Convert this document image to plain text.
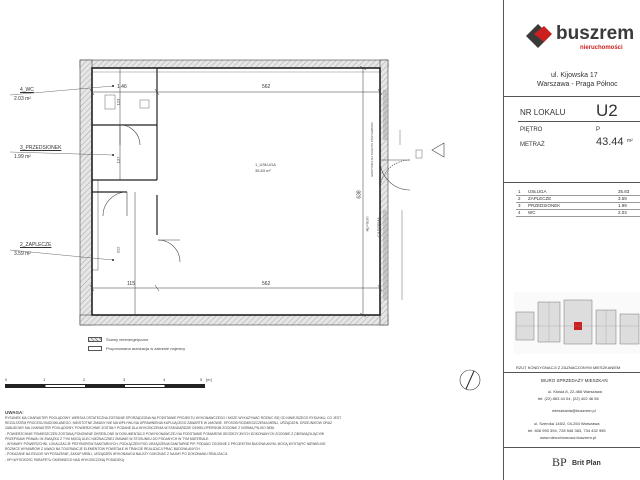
0	1	2	3	4	5 [m]
4_WC
2.03 m²
3_PRZEDSIONEK
1.99 m²
2_ZAPLECZE
3.59 m²
1_USŁUGA
35.83 m²
1.46	562
115	562
638
123
137
312
Hp=0cm CASERMA
SKRZYNKA NA KLIENTA POSTAWIONA
Ściany nieenergetyczne
Proponowana aranżacja w zakresie najemcy
UWAGA:
RYSUNEK MA CHARAKTER POGLĄDOWY. WERSJA OSTATECZNA ZOSTANIE SPORZĄDZONA NA PODSTAWIE PROJEKTU WYKONAWCZEGO I MOŻE WYKAZYWAĆ RÓŻNIC SIĘ OD NINIEJSZEGO RYSUNKU, CO JEST
REZULTATEM PROCESU BUDOWLANEGO. NIEISTOTNE ZMIANY NIE MA WPŁYWU NA UPRAWNIENIA KUPUJĄCEGO ZAWARTE W UMOWIE. SPOSOB ROZMIESZCZENIA MEBLI, URZĄDZEŃ, GRZEJNIKÓW ORAZ
ZABUDOWY MA CHARAKTER POGLĄDOWY. POWIERZCHNIE ZOSTAŁY PODANE DLA WYKOŃCZENIA W STANDARDZIE DEWELOPERSKIM ZGODNIE Z NORMĄ PN-ISO 9836.
- POWIERZCHNIE POMIESZCZEŃ ZOSTANĄ PONOWNIE OKREŚLONE W DOKUMENTACJI POWYKONAWCZEJ NA PODSTAWIE POMIARÓW GEODEZYJNYCH DOKONANYCH ZGODNIE Z OBOWIĄZUJĄCYMI
PRZEPISAMI PRAWA I W ZWIĄZKU Z TYM MOGĄ ULEC NIEZNACZNEJ ZMIANIE W STOSUNKU DO PODANYCH W TYM MATERIALE.
- WYMIARY POWIERZCHNI, LOKALIZACJE PRZYBORÓW SANITARNYCH, PODŁĄCZEŃ POD URZĄDZENIA SANITARNE PIP. PODANO ZGODNIE Z PROJEKTEM BUDOWLANYM, MOGĄ WYSTĄPIĆ NIEWIELKIE
RÓŻNICE WYMIARÓW Z UWAGI NA TOLERANCJE ELEMENTÓW POWSTAŁE W TRAKCIE REALIZACJI PRAC BUDOWLANYCH.
- POKAZANE NA RZUCIE WYPOSAŻENIE, ZAKUP MEBLI, URZĄDZEŃ WYKONAWCA NALEŻY DOKONAĆ Z NAJMY PO DOKONANIU REALIZACJI.
- HP=WYSOKOŚĆ PARAPETU OKIENNEGO NAD WYKOŃCZONĄ POSADZKĄ
buszrem
nieruchomości
ul. Kijowska 17
Warszawa - Praga Północ
NR LOKALU U2
PIĘTRO	P
METRAŻ	43.44 m²
1	USŁUGA	35.83
2	ZAPLECZE	3.59
3	PRZEDSIONEK	1.99
4	WC	2.03
RZUT KONDYGNACJI Z ZAZNACZONYM MIESZKANIEM
BIURO SPRZEDAŻY MIESZKAŃ
ul. Kłosia 8, 22-466 Warszawa
tel: (22) 863 44 04, (22) 402 46 56
mieszkania@buszrem.pl
ul. Szeroka 145/2, 04-254 Warszawa
tel. 606 993 394, 728 546 363, 734 432 955
www.nieruchomosci.buszrem.pl
BP Brit Plan
